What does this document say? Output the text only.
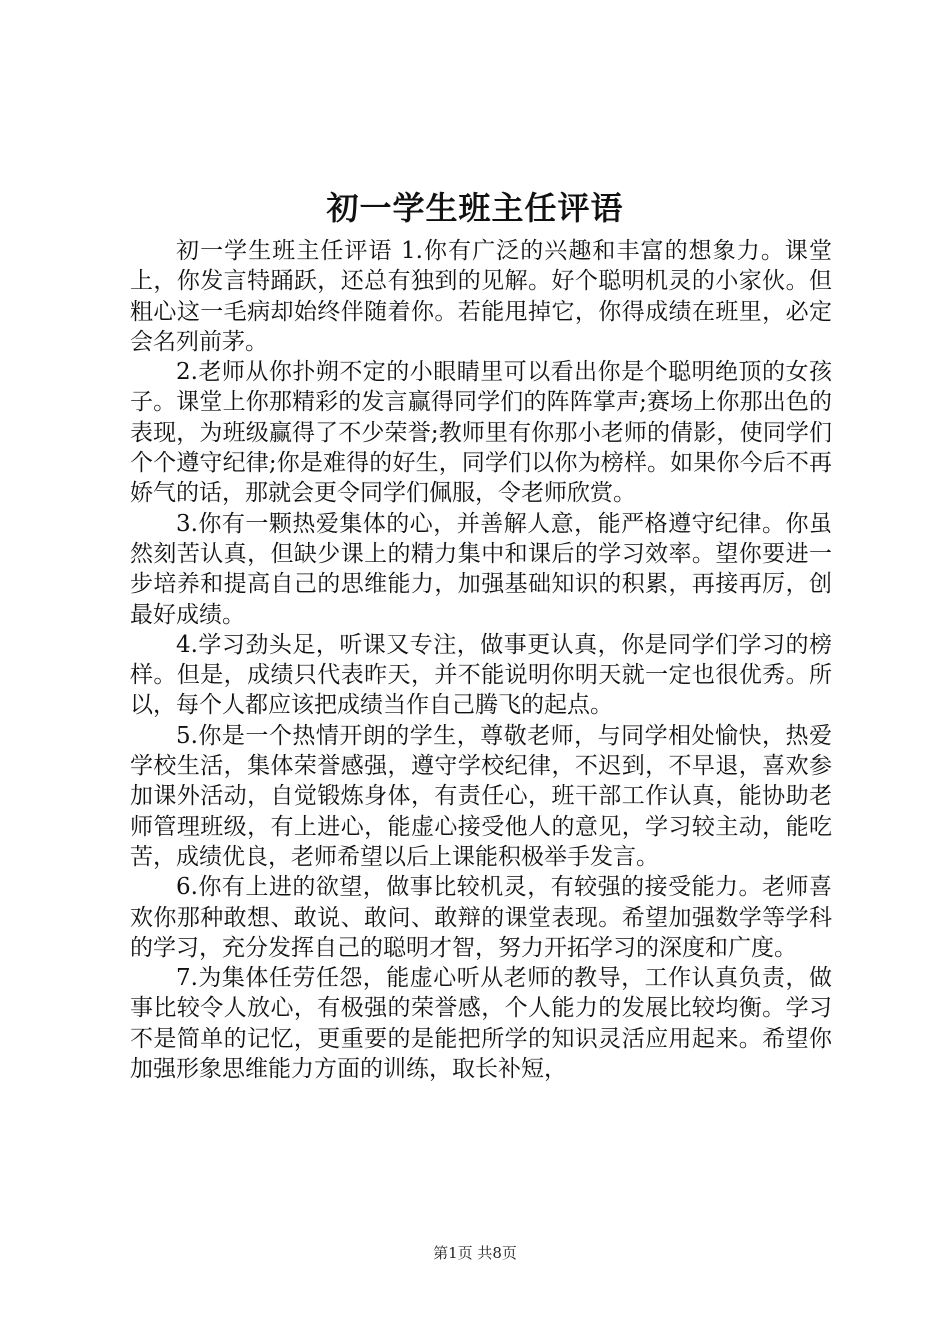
初一学生班主任评语

初一学生班主任评语 1.你有广泛的兴趣和丰富的想象力。课堂上，你发言特踊跃，还总有独到的见解。好个聪明机灵的小家伙。但粗心这一毛病却始终伴随着你。若能甩掉它，你得成绩在班里，必定会名列前茅。

2.老师从你扑朔不定的小眼睛里可以看出你是个聪明绝顶的女孩子。课堂上你那精彩的发言赢得同学们的阵阵掌声;赛场上你那出色的表现，为班级赢得了不少荣誉;教师里有你那小老师的倩影，使同学们个个遵守纪律;你是难得的好生，同学们以你为榜样。如果你今后不再娇气的话，那就会更令同学们佩服，令老师欣赏。

3.你有一颗热爱集体的心，并善解人意，能严格遵守纪律。你虽然刻苦认真，但缺少课上的精力集中和课后的学习效率。望你要进一步培养和提高自己的思维能力，加强基础知识的积累，再接再厉，创最好成绩。

4.学习劲头足，听课又专注，做事更认真，你是同学们学习的榜样。但是，成绩只代表昨天，并不能说明你明天就一定也很优秀。所以，每个人都应该把成绩当作自己腾飞的起点。

5.你是一个热情开朗的学生，尊敬老师，与同学相处愉快，热爱学校生活，集体荣誉感强，遵守学校纪律，不迟到，不早退，喜欢参加课外活动，自觉锻炼身体，有责任心，班干部工作认真，能协助老师管理班级，有上进心，能虚心接受他人的意见，学习较主动，能吃苦，成绩优良，老师希望以后上课能积极举手发言。

6.你有上进的欲望，做事比较机灵，有较强的接受能力。老师喜欢你那种敢想、敢说、敢问、敢辩的课堂表现。希望加强数学等学科的学习，充分发挥自己的聪明才智，努力开拓学习的深度和广度。

7.为集体任劳任怨，能虚心听从老师的教导，工作认真负责，做事比较令人放心，有极强的荣誉感，个人能力的发展比较均衡。学习不是简单的记忆，更重要的是能把所学的知识灵活应用起来。希望你加强形象思维能力方面的训练，取长补短，

第1页 共8页
